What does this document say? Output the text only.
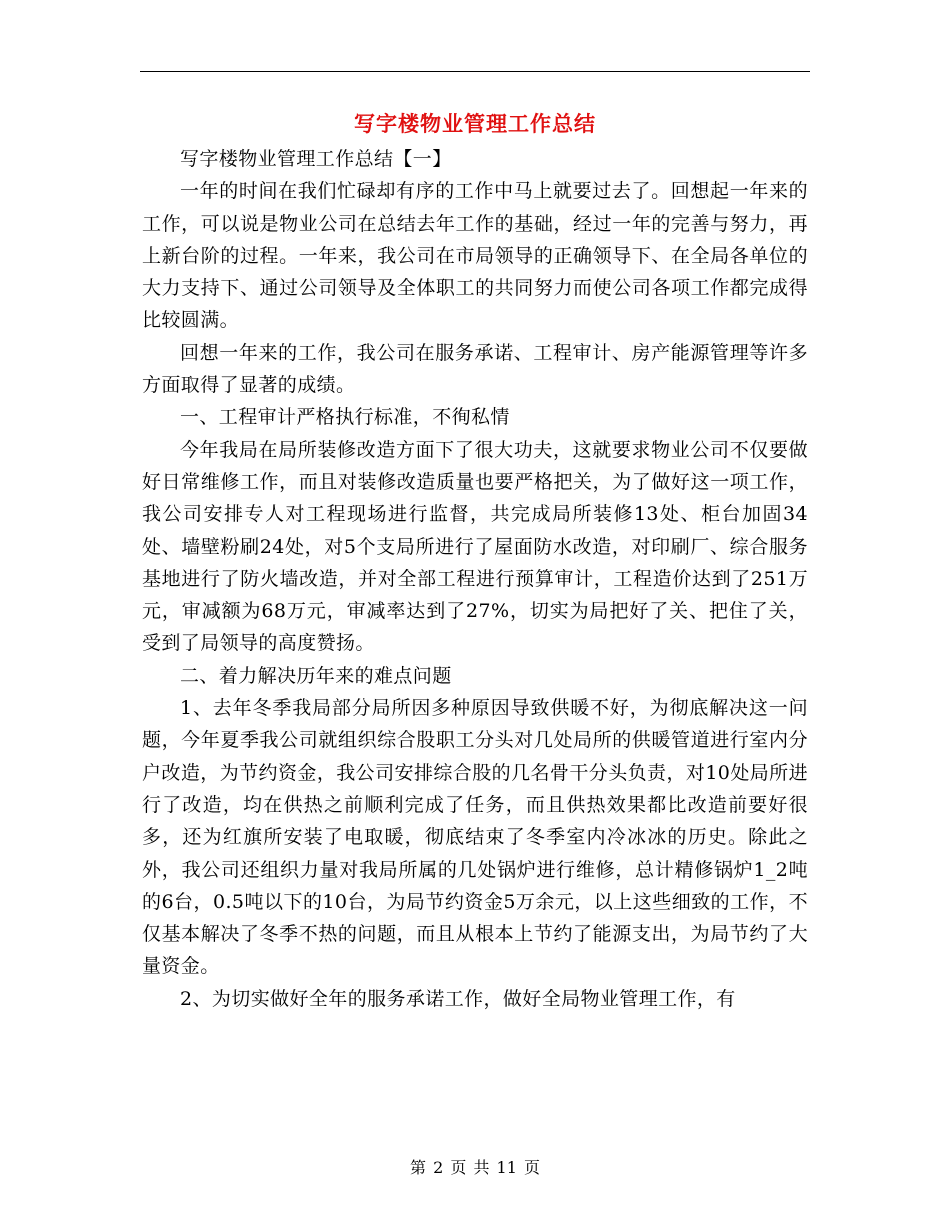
写字楼物业管理工作总结

写字楼物业管理工作总结【一】

一年的时间在我们忙碌却有序的工作中马上就要过去了。回想起一年来的工作，可以说是物业公司在总结去年工作的基础，经过一年的完善与努力，再上新台阶的过程。一年来，我公司在市局领导的正确领导下、在全局各单位的大力支持下、通过公司领导及全体职工的共同努力而使公司各项工作都完成得比较圆满。

回想一年来的工作，我公司在服务承诺、工程审计、房产能源管理等许多方面取得了显著的成绩。

一、工程审计严格执行标准，不徇私情

今年我局在局所装修改造方面下了很大功夫，这就要求物业公司不仅要做好日常维修工作，而且对装修改造质量也要严格把关，为了做好这一项工作，我公司安排专人对工程现场进行监督，共完成局所装修13处、柜台加固34处、墙壁粉刷24处，对5个支局所进行了屋面防水改造，对印刷厂、综合服务基地进行了防火墙改造，并对全部工程进行预算审计，工程造价达到了251万元，审减额为68万元，审减率达到了27%，切实为局把好了关、把住了关，受到了局领导的高度赞扬。

二、着力解决历年来的难点问题

1、去年冬季我局部分局所因多种原因导致供暖不好，为彻底解决这一问题，今年夏季我公司就组织综合股职工分头对几处局所的供暖管道进行室内分户改造，为节约资金，我公司安排综合股的几名骨干分头负责，对10处局所进行了改造，均在供热之前顺利完成了任务，而且供热效果都比改造前要好很多，还为红旗所安装了电取暖，彻底结束了冬季室内冷冰冰的历史。除此之外，我公司还组织力量对我局所属的几处锅炉进行维修，总计精修锅炉1_2吨的6台，0.5吨以下的10台，为局节约资金5万余元，以上这些细致的工作，不仅基本解决了冬季不热的问题，而且从根本上节约了能源支出，为局节约了大量资金。

2、为切实做好全年的服务承诺工作，做好全局物业管理工作，有

第 2 页 共 11 页
